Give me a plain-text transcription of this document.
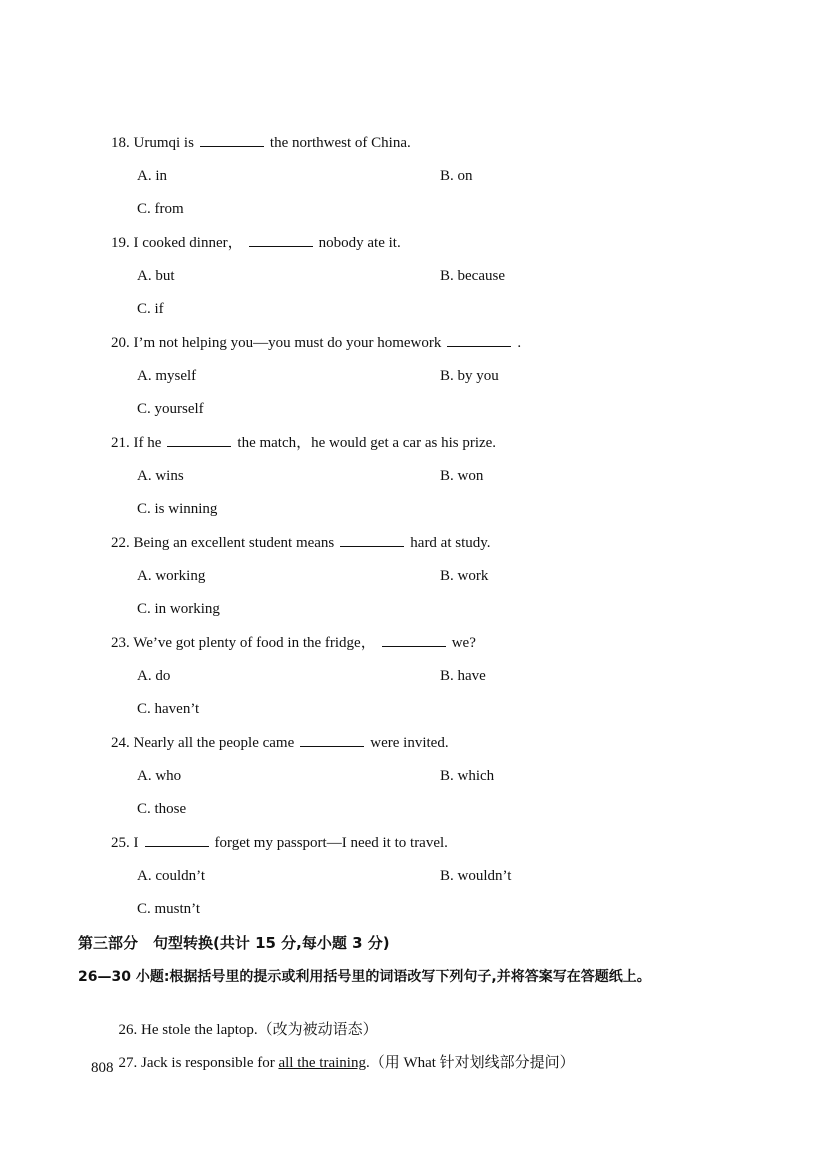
18. Urumqi is	the northwest of China.
A. in	B. on
C. from
19. I cooked dinner，	nobody ate it.
A. but	B. because
C. if
20. I’m not helping you—you must do your homework	.
A. myself	B. by you
C. yourself
21. If he	the match，he would get a car as his prize.
A. wins	B. won
C. is winning
22. Being an excellent student means	hard at study.
A. working	B. work
C. in working
23. We’ve got plenty of food in the fridge，	we?
A. do	B. have
C. haven’t
24. Nearly all the people came	were invited.
A. who	B. which
C. those
25. I	forget my passport—I need it to travel.
A. couldn’t	B. wouldn’t
C. mustn’t
第三部分　句型转换(共计 15 分,每小题 3 分)
26—30 小题:根据括号里的提示或利用括号里的词语改写下列句子,并将答案写在答题纸上。

26. He stole the laptop.（改为被动语态）

27. Jack is responsible for all the training.（用 What 针对划线部分提问）

808
